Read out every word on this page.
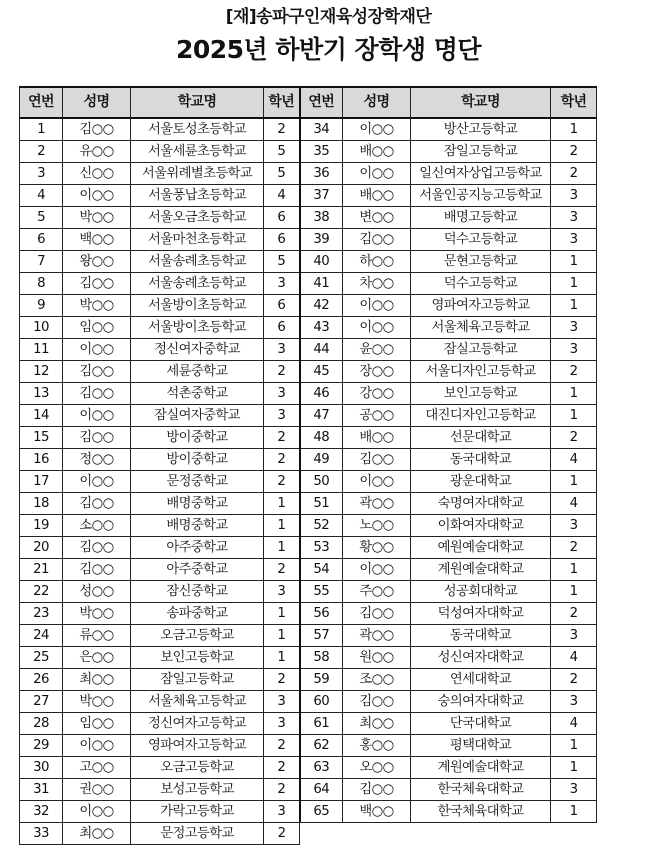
[재]송파구인재육성장학재단
2025년 하반기 장학생 명단
연번	성명	학교명	학년	연번	성명	학교명	학년
1	김○○	서울토성초등학교	2	34	이○○	방산고등학교	1
2	유○○	서울세륜초등학교	5	35	배○○	잠일고등학교	2
3	신○○	서울위례별초등학교	5	36	이○○	일신여자상업고등학교	2
4	이○○	서울풍납초등학교	4	37	배○○	서울인공지능고등학교	3
5	박○○	서울오금초등학교	6	38	변○○	배명고등학교	3
6	백○○	서울마천초등학교	6	39	김○○	덕수고등학교	3
7	왕○○	서울송례초등학교	5	40	하○○	문현고등학교	1
8	김○○	서울송례초등학교	3	41	차○○	덕수고등학교	1
9	박○○	서울방이초등학교	6	42	이○○	영파여자고등학교	1
10	임○○	서울방이초등학교	6	43	이○○	서울체육고등학교	3
11	이○○	정신여자중학교	3	44	윤○○	잠실고등학교	3
12	김○○	세륜중학교	2	45	장○○	서울디자인고등학교	2
13	김○○	석촌중학교	3	46	강○○	보인고등학교	1
14	이○○	잠실여자중학교	3	47	공○○	대진디자인고등학교	1
15	김○○	방이중학교	2	48	배○○	선문대학교	2
16	정○○	방이중학교	2	49	김○○	동국대학교	4
17	이○○	문정중학교	2	50	이○○	광운대학교	1
18	김○○	배명중학교	1	51	곽○○	숙명여자대학교	4
19	소○○	배명중학교	1	52	노○○	이화여자대학교	3
20	김○○	아주중학교	1	53	황○○	예원예술대학교	2
21	김○○	아주중학교	2	54	이○○	계원예술대학교	1
22	성○○	잠신중학교	3	55	주○○	성공회대학교	1
23	박○○	송파중학교	1	56	김○○	덕성여자대학교	2
24	류○○	오금고등학교	1	57	곽○○	동국대학교	3
25	은○○	보인고등학교	1	58	원○○	성신여자대학교	4
26	최○○	잠일고등학교	2	59	조○○	연세대학교	2
27	박○○	서울체육고등학교	3	60	김○○	숭의여자대학교	3
28	임○○	정신여자고등학교	3	61	최○○	단국대학교	4
29	이○○	영파여자고등학교	2	62	홍○○	평택대학교	1
30	고○○	오금고등학교	2	63	오○○	계원예술대학교	1
31	권○○	보성고등학교	2	64	김○○	한국체육대학교	3
32	이○○	가락고등학교	3	65	백○○	한국체육대학교	1
33	최○○	문정고등학교	2				
